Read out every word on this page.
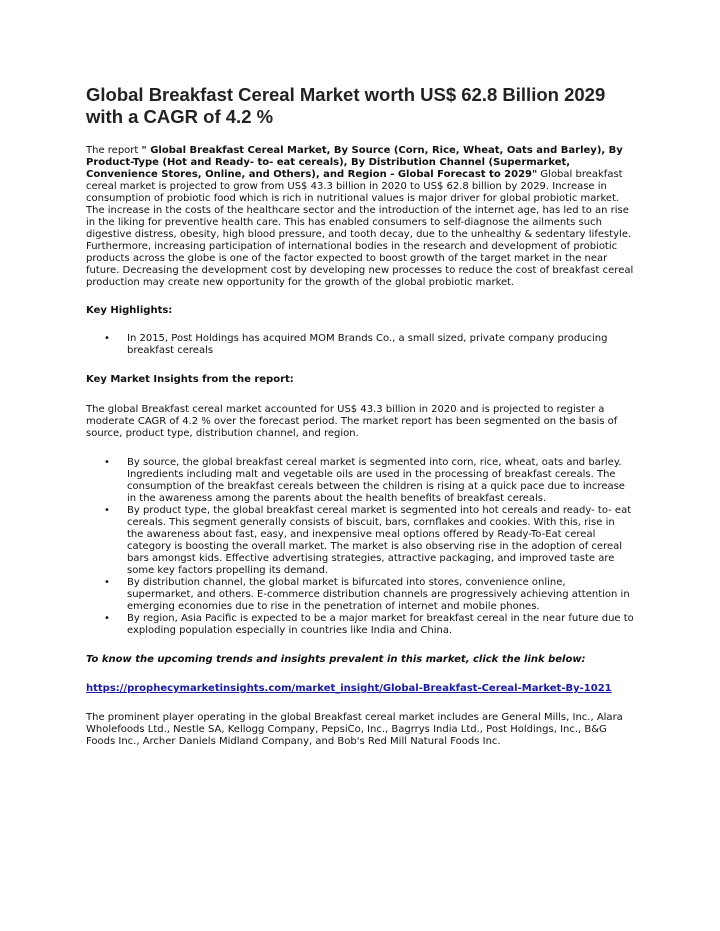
Global Breakfast Cereal Market worth US$ 62.8 Billion 2029 with a CAGR of 4.2 %

The report " Global Breakfast Cereal Market, By Source (Corn, Rice, Wheat, Oats and Barley), By Product-Type (Hot and Ready- to- eat cereals), By Distribution Channel (Supermarket, Convenience Stores, Online, and Others), and Region - Global Forecast to 2029" Global breakfast cereal market is projected to grow from US$ 43.3 billion in 2020 to US$ 62.8 billion by 2029. Increase in consumption of probiotic food which is rich in nutritional values is major driver for global probiotic market. The increase in the costs of the healthcare sector and the introduction of the internet age, has led to an rise in the liking for preventive health care. This has enabled consumers to self-diagnose the ailments such digestive distress, obesity, high blood pressure, and tooth decay, due to the unhealthy & sedentary lifestyle. Furthermore, increasing participation of international bodies in the research and development of probiotic products across the globe is one of the factor expected to boost growth of the target market in the near future. Decreasing the development cost by developing new processes to reduce the cost of breakfast cereal production may create new opportunity for the growth of the global probiotic market.

Key Highlights:

• In 2015, Post Holdings has acquired MOM Brands Co., a small sized, private company producing breakfast cereals

Key Market Insights from the report:

The global Breakfast cereal market accounted for US$ 43.3 billion in 2020 and is projected to register a moderate CAGR of 4.2 % over the forecast period. The market report has been segmented on the basis of source, product type, distribution channel, and region.

• By source, the global breakfast cereal market is segmented into corn, rice, wheat, oats and barley. Ingredients including malt and vegetable oils are used in the processing of breakfast cereals. The consumption of the breakfast cereals between the children is rising at a quick pace due to increase in the awareness among the parents about the health benefits of breakfast cereals.
• By product type, the global breakfast cereal market is segmented into hot cereals and ready- to- eat cereals. This segment generally consists of biscuit, bars, cornflakes and cookies. With this, rise in the awareness about fast, easy, and inexpensive meal options offered by Ready-To-Eat cereal category is boosting the overall market. The market is also observing rise in the adoption of cereal bars amongst kids. Effective advertising strategies, attractive packaging, and improved taste are some key factors propelling its demand.
• By distribution channel, the global market is bifurcated into stores, convenience online, supermarket, and others. E-commerce distribution channels are progressively achieving attention in emerging economies due to rise in the penetration of internet and mobile phones.
• By region, Asia Pacific is expected to be a major market for breakfast cereal in the near future due to exploding population especially in countries like India and China.

To know the upcoming trends and insights prevalent in this market, click the link below:

https://prophecymarketinsights.com/market_insight/Global-Breakfast-Cereal-Market-By-1021

The prominent player operating in the global Breakfast cereal market includes are General Mills, Inc., Alara Wholefoods Ltd., Nestle SA, Kellogg Company, PepsiCo, Inc., Bagrrys India Ltd., Post Holdings, Inc., B&G Foods Inc., Archer Daniels Midland Company, and Bob's Red Mill Natural Foods Inc.
